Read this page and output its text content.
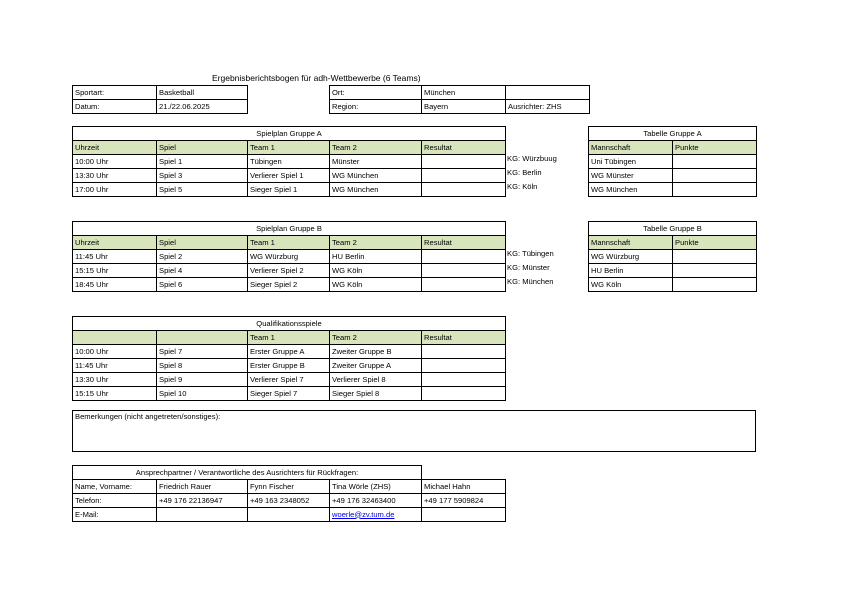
Ergebnisberichtsbogen für adh-Wettbewerbe (6 Teams)
Sportart:	Basketball
Datum:	21./22.06.2025
Ort:	München	
Region:	Bayern	Ausrichter: ZHS
Spielplan Gruppe A				
Uhrzeit	Spiel	Team 1	Team 2	Resultat
10:00 Uhr	Spiel 1	Tübingen	Münster	
13:30 Uhr	Spiel 3	Verlierer Spiel 1	WG München	
17:00 Uhr	Spiel 5	Sieger Spiel 1	WG München	
KG: Würzbuug
KG: Berlin
KG: Köln
Tabelle Gruppe A	
Mannschaft	Punkte
Uni Tübingen	
WG Münster	
WG München	
Spielplan Gruppe B				
Uhrzeit	Spiel	Team 1	Team 2	Resultat
11:45 Uhr	Spiel 2	WG Würzburg	HU Berlin	
15:15 Uhr	Spiel 4	Verlierer Spiel 2	WG Köln	
18:45 Uhr	Spiel 6	Sieger Spiel 2	WG Köln	
KG: Tübingen
KG: Münster
KG: München
Tabelle Gruppe B	
Mannschaft	Punkte
WG Würzburg	
HU Berlin	
WG Köln	
Qualifikationsspiele				
		Team 1	Team 2	Resultat
10:00 Uhr	Spiel 7	Erster Gruppe A	Zweiter Gruppe B	
11:45 Uhr	Spiel 8	Erster Gruppe B	Zweiter Gruppe A	
13:30 Uhr	Spiel 9	Verlierer Spiel 7	Verlierer Spiel 8	
15:15 Uhr	Spiel 10	Sieger Spiel 7	Sieger Spiel 8	
Bemerkungen (nicht angetreten/sonstiges):
Ansprechpartner / Verantwortliche des Ausrichters für Rückfragen:				
Name, Vorname:	Friedrich Rauer	Fynn Fischer	Tina Wörle (ZHS)	Michael Hahn
Telefon:	+49 176 22136947	+49 163 2348052	+49 176 32463400	+49 177 5909824
E-Mail:			woerle@zv.tum.de	
